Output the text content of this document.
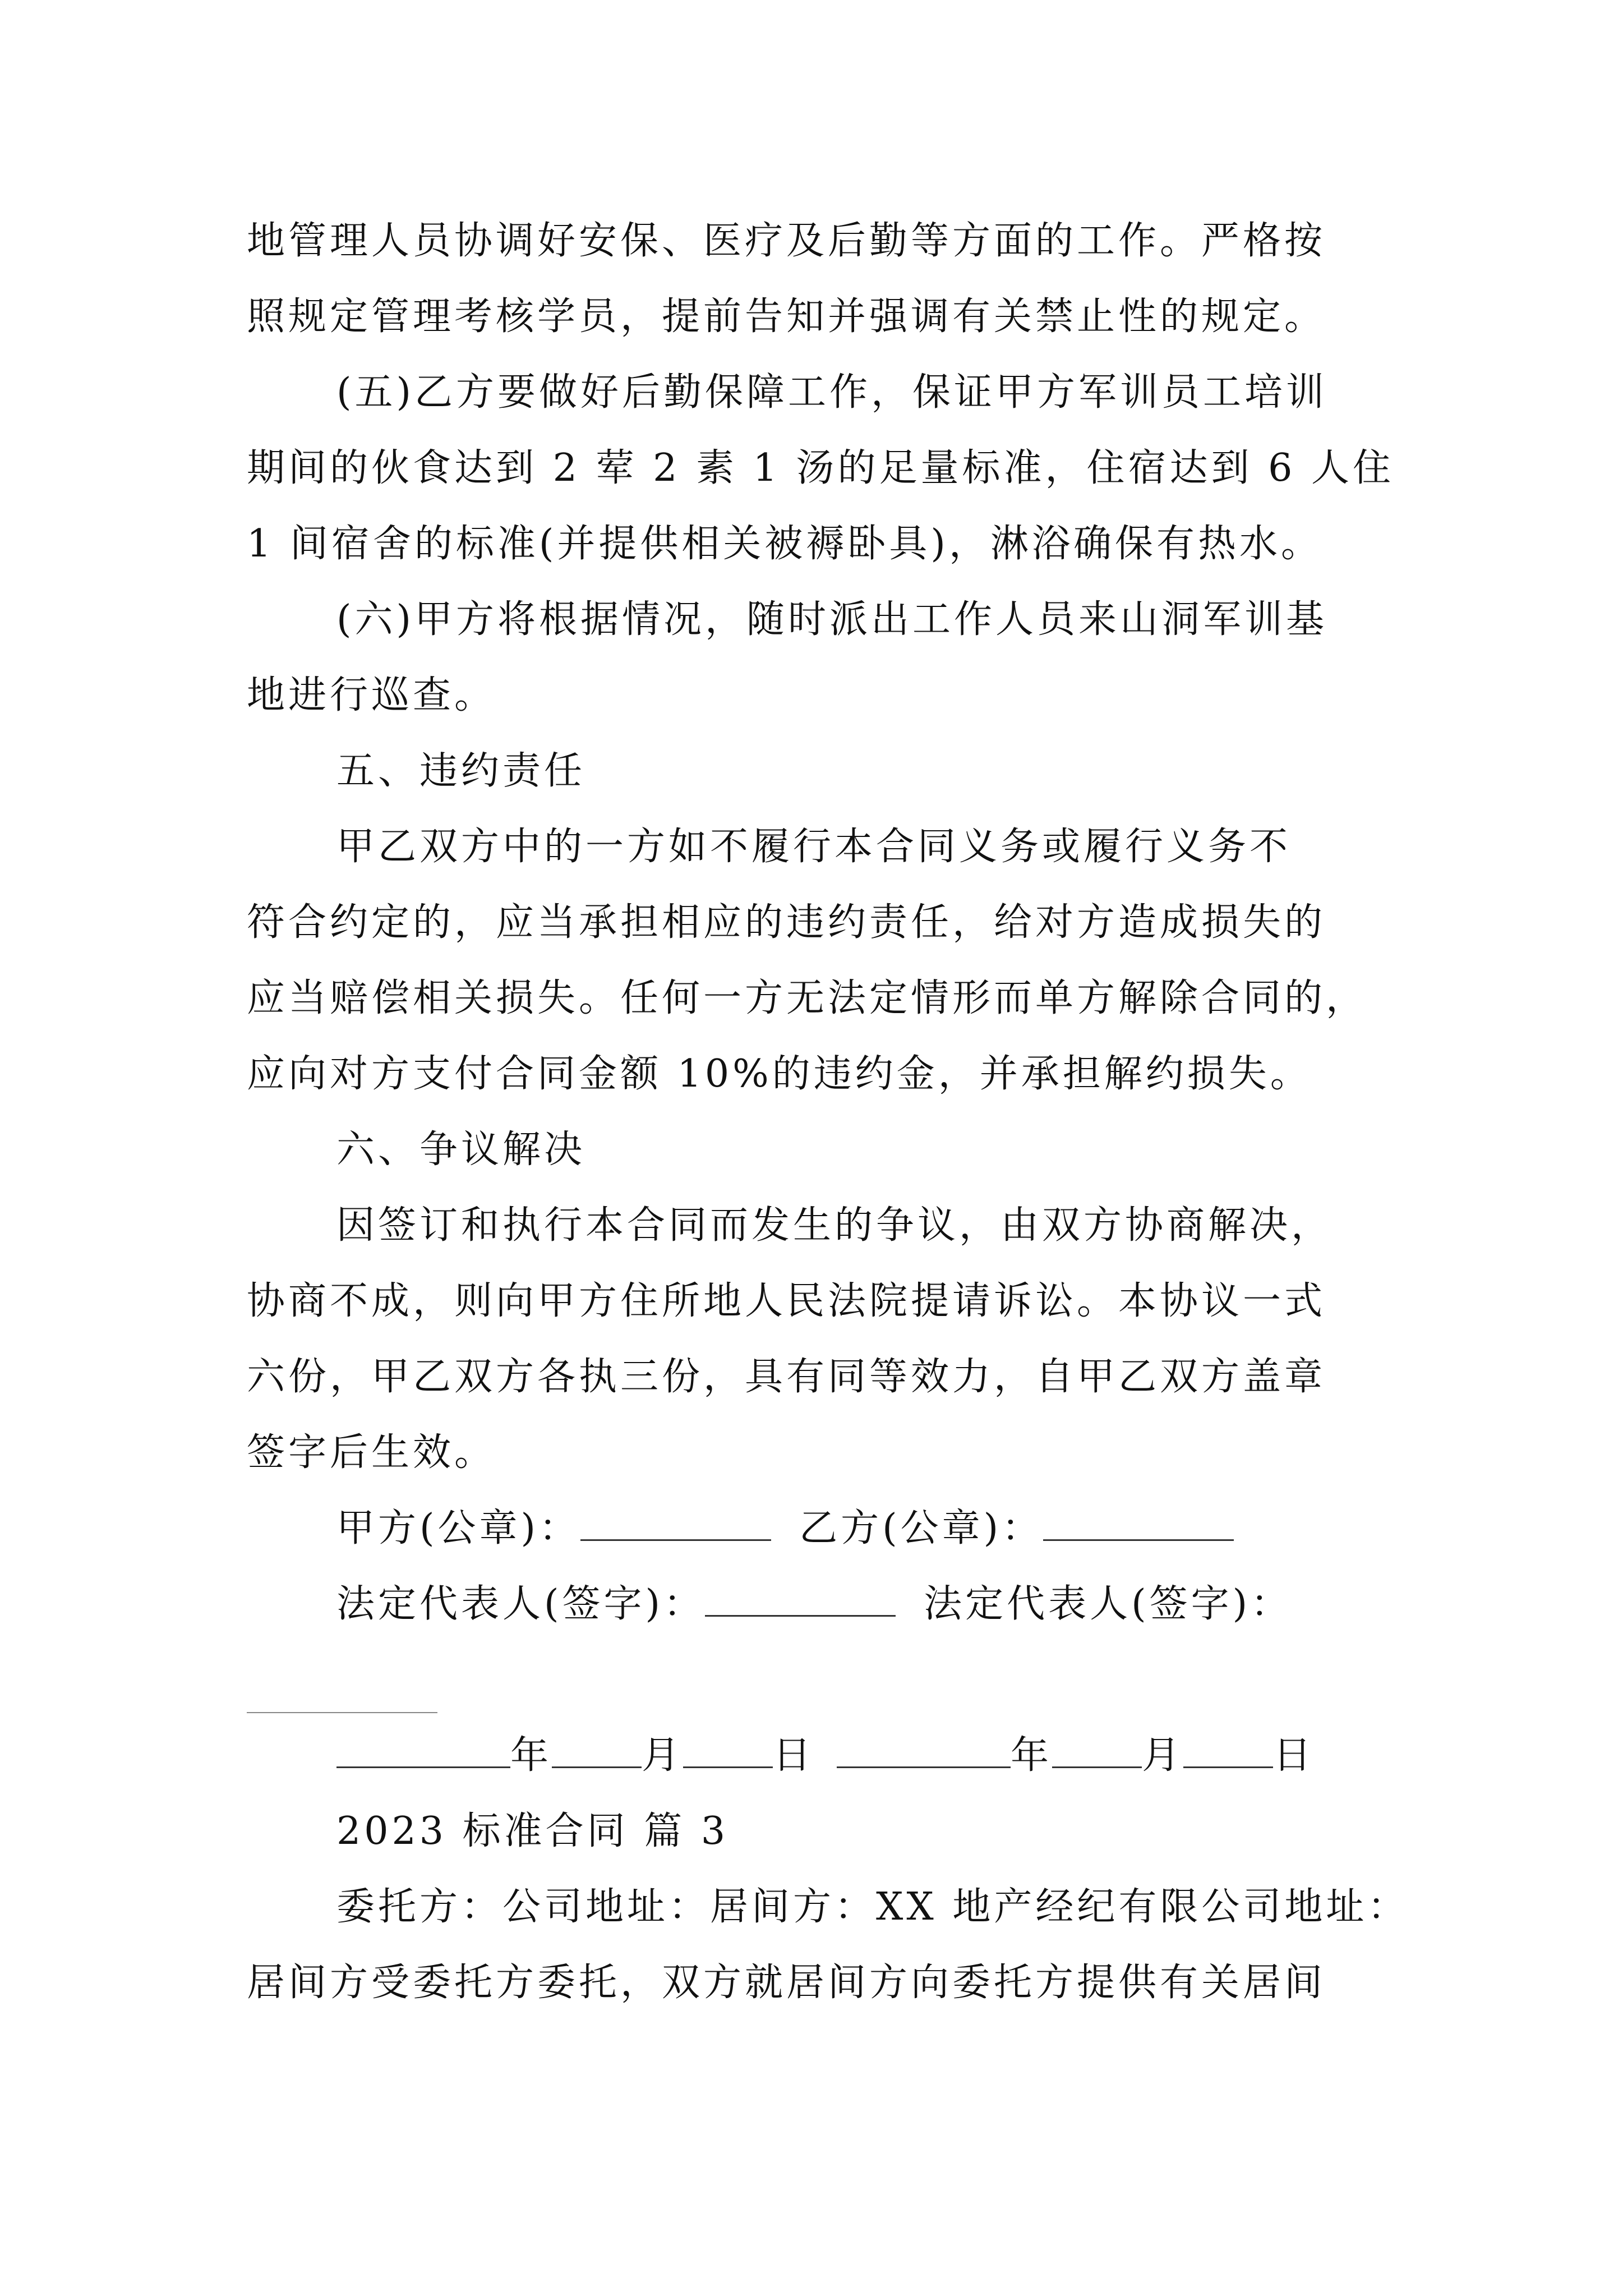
地管理人员协调好安保、医疗及后勤等方面的工作。严格按
照规定管理考核学员，提前告知并强调有关禁止性的规定。
(五)乙方要做好后勤保障工作，保证甲方军训员工培训
期间的伙食达到 2 荤 2 素 1 汤的足量标准，住宿达到 6 人住
1 间宿舍的标准(并提供相关被褥卧具)，淋浴确保有热水。
(六)甲方将根据情况，随时派出工作人员来山洞军训基
地进行巡查。
五、违约责任
甲乙双方中的一方如不履行本合同义务或履行义务不
符合约定的，应当承担相应的违约责任，给对方造成损失的
应当赔偿相关损失。任何一方无法定情形而单方解除合同的，
应向对方支付合同金额 10%的违约金，并承担解约损失。
六、争议解决
因签订和执行本合同而发生的争议，由双方协商解决，
协商不成，则向甲方住所地人民法院提请诉讼。本协议一式
六份，甲乙双方各执三份，具有同等效力，自甲乙双方盖章
签字后生效。
甲方(公章)：	乙方(公章)：
法定代表人(签字)：	法定代表人(签字)：
年 月 日	年 月 日
2023 标准合同 篇 3
委托方：公司地址：居间方：XX 地产经纪有限公司地址：
居间方受委托方委托，双方就居间方向委托方提供有关居间
